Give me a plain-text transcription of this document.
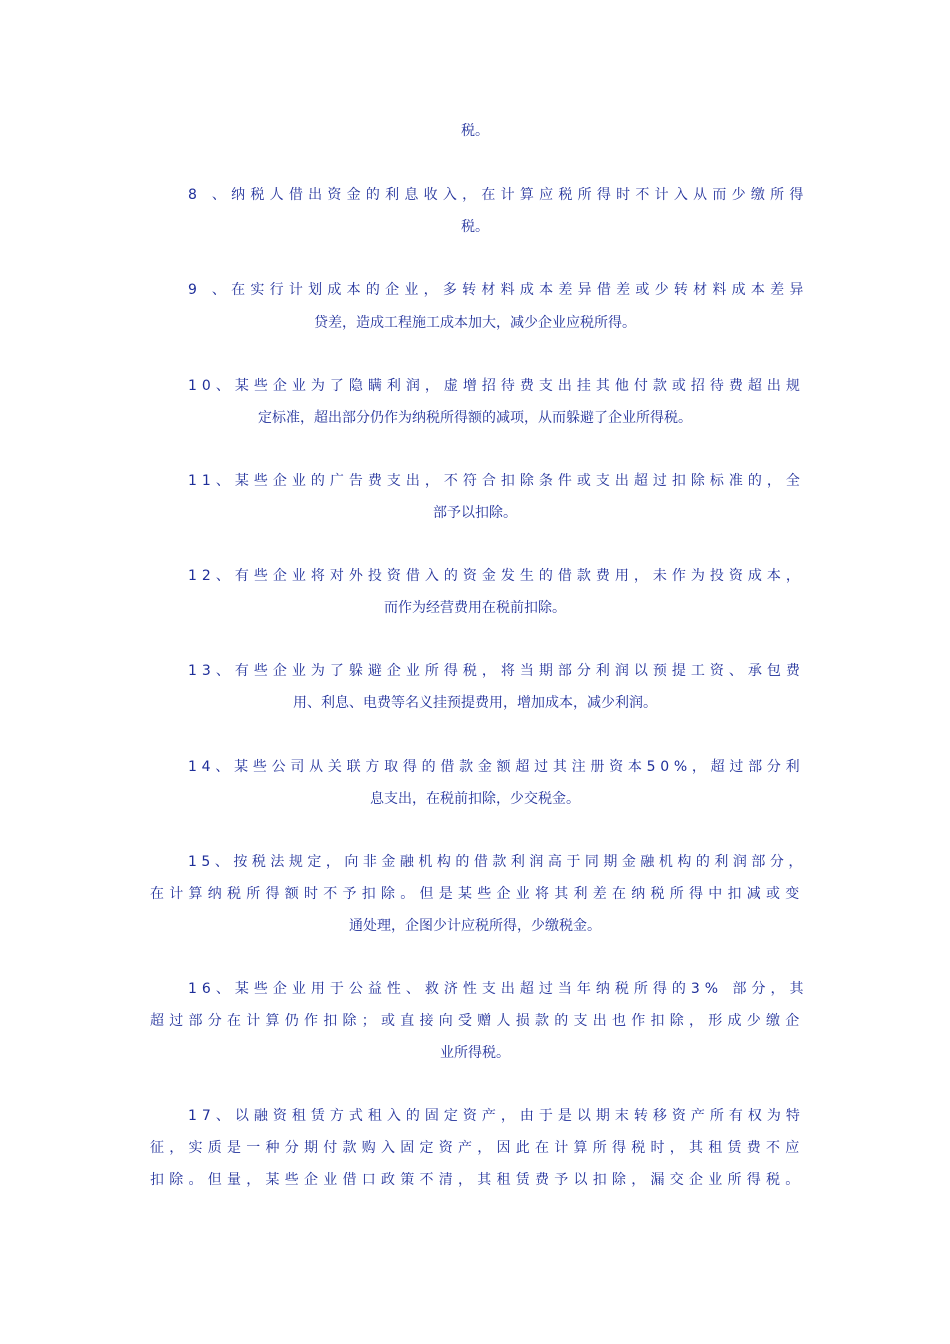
税。
8 、纳税人借出资金的利息收入，在计算应税所得时不计入从而少缴所得
税。
9 、在实行计划成本的企业，多转材料成本差异借差或少转材料成本差异
贷差，造成工程施工成本加大，减少企业应税所得。
10、某些企业为了隐瞒利润，虚增招待费支出挂其他付款或招待费超出规
定标准，超出部分仍作为纳税所得额的减项，从而躲避了企业所得税。
11、某些企业的广告费支出，不符合扣除条件或支出超过扣除标准的，全
部予以扣除。
12、有些企业将对外投资借入的资金发生的借款费用，未作为投资成本，
而作为经营费用在税前扣除。
13、有些企业为了躲避企业所得税，将当期部分利润以预提工资、承包费
用、利息、电费等名义挂预提费用，增加成本，减少利润。
14、某些公司从关联方取得的借款金额超过其注册资本50%，超过部分利
息支出，在税前扣除，少交税金。
15、按税法规定，向非金融机构的借款利润高于同期金融机构的利润部分，
在计算纳税所得额时不予扣除。但是某些企业将其利差在纳税所得中扣减或变
通处理，企图少计应税所得，少缴税金。
16、某些企业用于公益性、救济性支出超过当年纳税所得的3% 部分，其
超过部分在计算仍作扣除；或直接向受赠人损款的支出也作扣除，形成少缴企
业所得税。
17、以融资租赁方式租入的固定资产，由于是以期末转移资产所有权为特
征，实质是一种分期付款购入固定资产，因此在计算所得税时，其租赁费不应
扣除。但量，某些企业借口政策不清，其租赁费予以扣除，漏交企业所得税。
